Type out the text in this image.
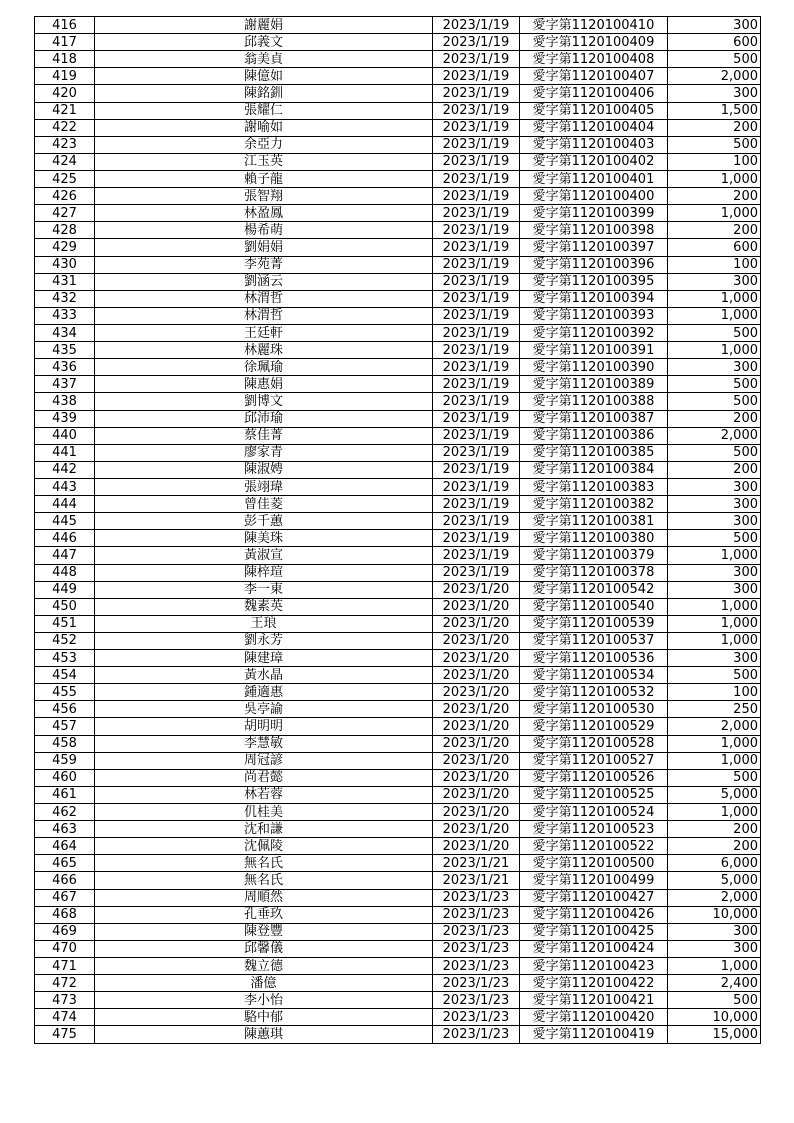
416	謝麗娟	2023/1/19	愛字第1120100410	300
417	邱義文	2023/1/19	愛字第1120100409	600
418	翁美貞	2023/1/19	愛字第1120100408	500
419	陳億如	2023/1/19	愛字第1120100407	2,000
420	陳銘釧	2023/1/19	愛字第1120100406	300
421	張耀仁	2023/1/19	愛字第1120100405	1,500
422	謝喻如	2023/1/19	愛字第1120100404	200
423	余亞力	2023/1/19	愛字第1120100403	500
424	江玉英	2023/1/19	愛字第1120100402	100
425	賴子龍	2023/1/19	愛字第1120100401	1,000
426	張智翔	2023/1/19	愛字第1120100400	200
427	林盈鳳	2023/1/19	愛字第1120100399	1,000
428	楊希萌	2023/1/19	愛字第1120100398	200
429	劉娟娟	2023/1/19	愛字第1120100397	600
430	李苑菁	2023/1/19	愛字第1120100396	100
431	劉涵云	2023/1/19	愛字第1120100395	300
432	林渭哲	2023/1/19	愛字第1120100394	1,000
433	林渭哲	2023/1/19	愛字第1120100393	1,000
434	王廷軒	2023/1/19	愛字第1120100392	500
435	林麗珠	2023/1/19	愛字第1120100391	1,000
436	徐珮瑜	2023/1/19	愛字第1120100390	300
437	陳惠娟	2023/1/19	愛字第1120100389	500
438	劉博文	2023/1/19	愛字第1120100388	500
439	邱沛瑜	2023/1/19	愛字第1120100387	200
440	蔡佳菁	2023/1/19	愛字第1120100386	2,000
441	廖家青	2023/1/19	愛字第1120100385	500
442	陳淑娉	2023/1/19	愛字第1120100384	200
443	張翊瑋	2023/1/19	愛字第1120100383	300
444	曾佳菱	2023/1/19	愛字第1120100382	300
445	彭千蕙	2023/1/19	愛字第1120100381	300
446	陳美珠	2023/1/19	愛字第1120100380	500
447	黃淑宣	2023/1/19	愛字第1120100379	1,000
448	陳梓瑄	2023/1/19	愛字第1120100378	300
449	李一東	2023/1/20	愛字第1120100542	300
450	魏素英	2023/1/20	愛字第1120100540	1,000
451	王琅	2023/1/20	愛字第1120100539	1,000
452	劉永芳	2023/1/20	愛字第1120100537	1,000
453	陳建璋	2023/1/20	愛字第1120100536	300
454	黃水晶	2023/1/20	愛字第1120100534	500
455	鍾適惠	2023/1/20	愛字第1120100532	100
456	吳亭諭	2023/1/20	愛字第1120100530	250
457	胡明明	2023/1/20	愛字第1120100529	2,000
458	李慧敏	2023/1/20	愛字第1120100528	1,000
459	周冠諺	2023/1/20	愛字第1120100527	1,000
460	尚君懿	2023/1/20	愛字第1120100526	500
461	林若蓉	2023/1/20	愛字第1120100525	5,000
462	仉桂美	2023/1/20	愛字第1120100524	1,000
463	沈和謙	2023/1/20	愛字第1120100523	200
464	沈佩陵	2023/1/20	愛字第1120100522	200
465	無名氏	2023/1/21	愛字第1120100500	6,000
466	無名氏	2023/1/21	愛字第1120100499	5,000
467	周順然	2023/1/23	愛字第1120100427	2,000
468	孔垂玖	2023/1/23	愛字第1120100426	10,000
469	陳登豐	2023/1/23	愛字第1120100425	300
470	邱馨儀	2023/1/23	愛字第1120100424	300
471	魏立德	2023/1/23	愛字第1120100423	1,000
472	潘億	2023/1/23	愛字第1120100422	2,400
473	李小怡	2023/1/23	愛字第1120100421	500
474	駱中郁	2023/1/23	愛字第1120100420	10,000
475	陳蕙琪	2023/1/23	愛字第1120100419	15,000
